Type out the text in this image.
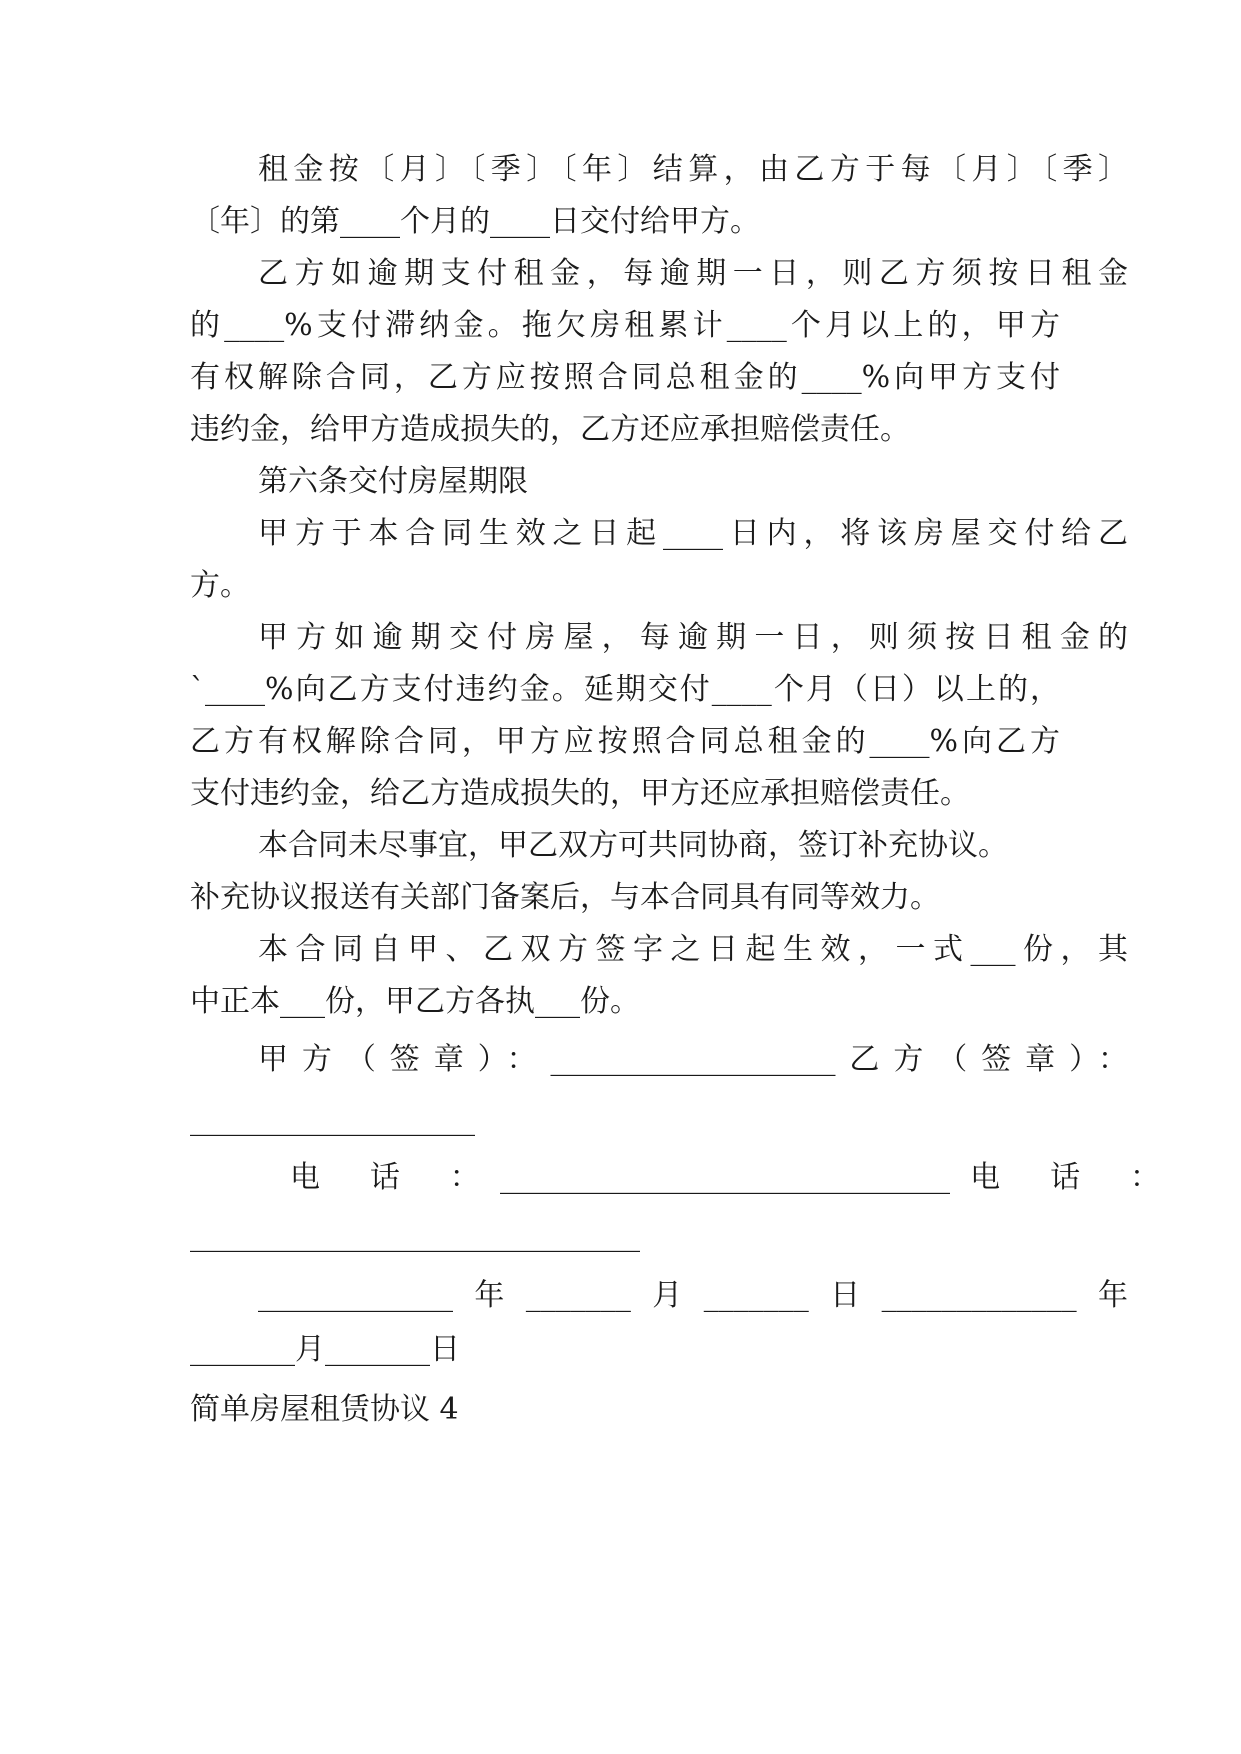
租金按〔月〕〔季〕〔年〕结算，由乙方于每〔月〕〔季〕
〔年〕的第____个月的____日交付给甲方。
乙方如逾期支付租金，每逾期一日，则乙方须按日租金
的____%支付滞纳金。拖欠房租累计____个月以上的，甲方
有权解除合同，乙方应按照合同总租金的____%向甲方支付
违约金，给甲方造成损失的，乙方还应承担赔偿责任。
第六条交付房屋期限
甲方于本合同生效之日起____日内，将该房屋交付给乙
方。
甲方如逾期交付房屋，每逾期一日，则须按日租金的
`____%向乙方支付违约金。延期交付____个月（日）以上的，
乙方有权解除合同，甲方应按照合同总租金的____%向乙方
支付违约金，给乙方造成损失的，甲方还应承担赔偿责任。
本合同未尽事宜，甲乙双方可共同协商，签订补充协议。
补充协议报送有关部门备案后，与本合同具有同等效力。
本合同自甲、乙双方签字之日起生效，一式___份，其
中正本___份，甲乙方各执___份。
甲方（签章）：___________________乙方（签章）：
___________________
电 话 ：______________________________电 话 ：
______________________________
_____________年_______月_______日_____________年
_______月_______日
简单房屋租赁协议 4
